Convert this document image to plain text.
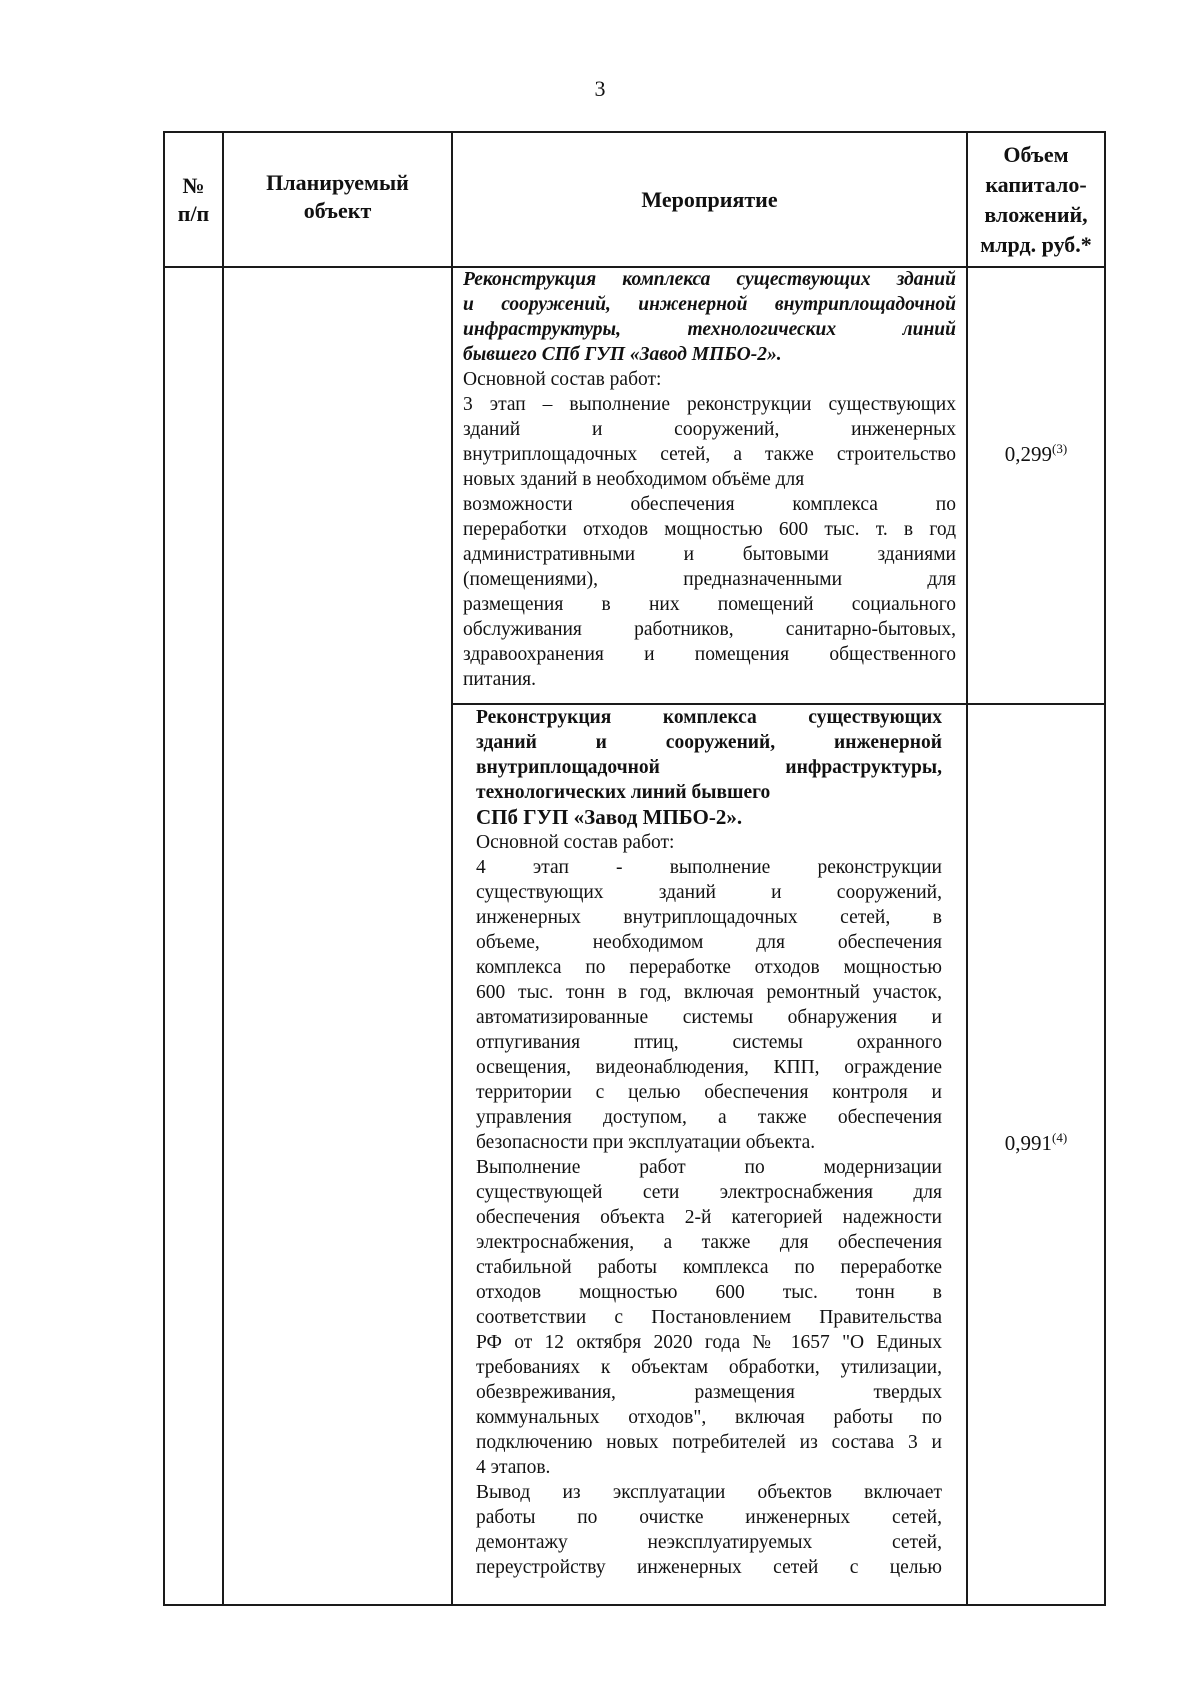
3
№
п/п
Планируемый
объект	Мероприятие
Объем
капитало-
вложений,
млрд. руб.*
Реконструкция комплекса существующих зданий
и сооружений, инженерной внутриплощадочной
инфраструктуры, технологических линий
бывшего СПб ГУП «Завод МПБО-2».
Основной состав работ:
3 этап – выполнение реконструкции существующих
зданий и сооружений, инженерных
внутриплощадочных сетей, а также строительство
новых зданий в необходимом объёме для
возможности обеспечения комплекса по
переработки отходов мощностью 600 тыс. т. в год
административными и бытовыми зданиями
(помещениями), предназначенными для
размещения в них помещений социального
обслуживания работников, санитарно-бытовых,
здравоохранения и помещения общественного
питания.
0,299$^{(3)}$
Реконструкция комплекса существующих
зданий и сооружений, инженерной
внутриплощадочной инфраструктуры,
технологических линий бывшего
СПб ГУП «Завод МПБО-2».
Основной состав работ:
4 этап - выполнение реконструкции
существующих зданий и сооружений,
инженерных внутриплощадочных сетей, в
объеме, необходимом для обеспечения
комплекса по переработке отходов мощностью
600 тыс. тонн в год, включая ремонтный участок,
автоматизированные системы обнаружения и
отпугивания птиц, системы охранного
освещения, видеонаблюдения, КПП, ограждение
территории с целью обеспечения контроля и
управления доступом, а также обеспечения
безопасности при эксплуатации объекта.
Выполнение работ по модернизации
существующей сети электроснабжения для
обеспечения объекта 2-й категорией надежности
электроснабжения, а также для обеспечения
стабильной работы комплекса по переработке
отходов мощностью 600 тыс. тонн в
соответствии с Постановлением Правительства
РФ от 12 октября 2020 года № 1657 "О Единых
требованиях к объектам обработки, утилизации,
обезвреживания, размещения твердых
коммунальных отходов", включая работы по
подключению новых потребителей из состава 3 и
4 этапов.
Вывод из эксплуатации объектов включает
работы по очистке инженерных сетей,
демонтажу неэксплуатируемых сетей,
переустройству инженерных сетей с целью
0,991$^{(4)}$
